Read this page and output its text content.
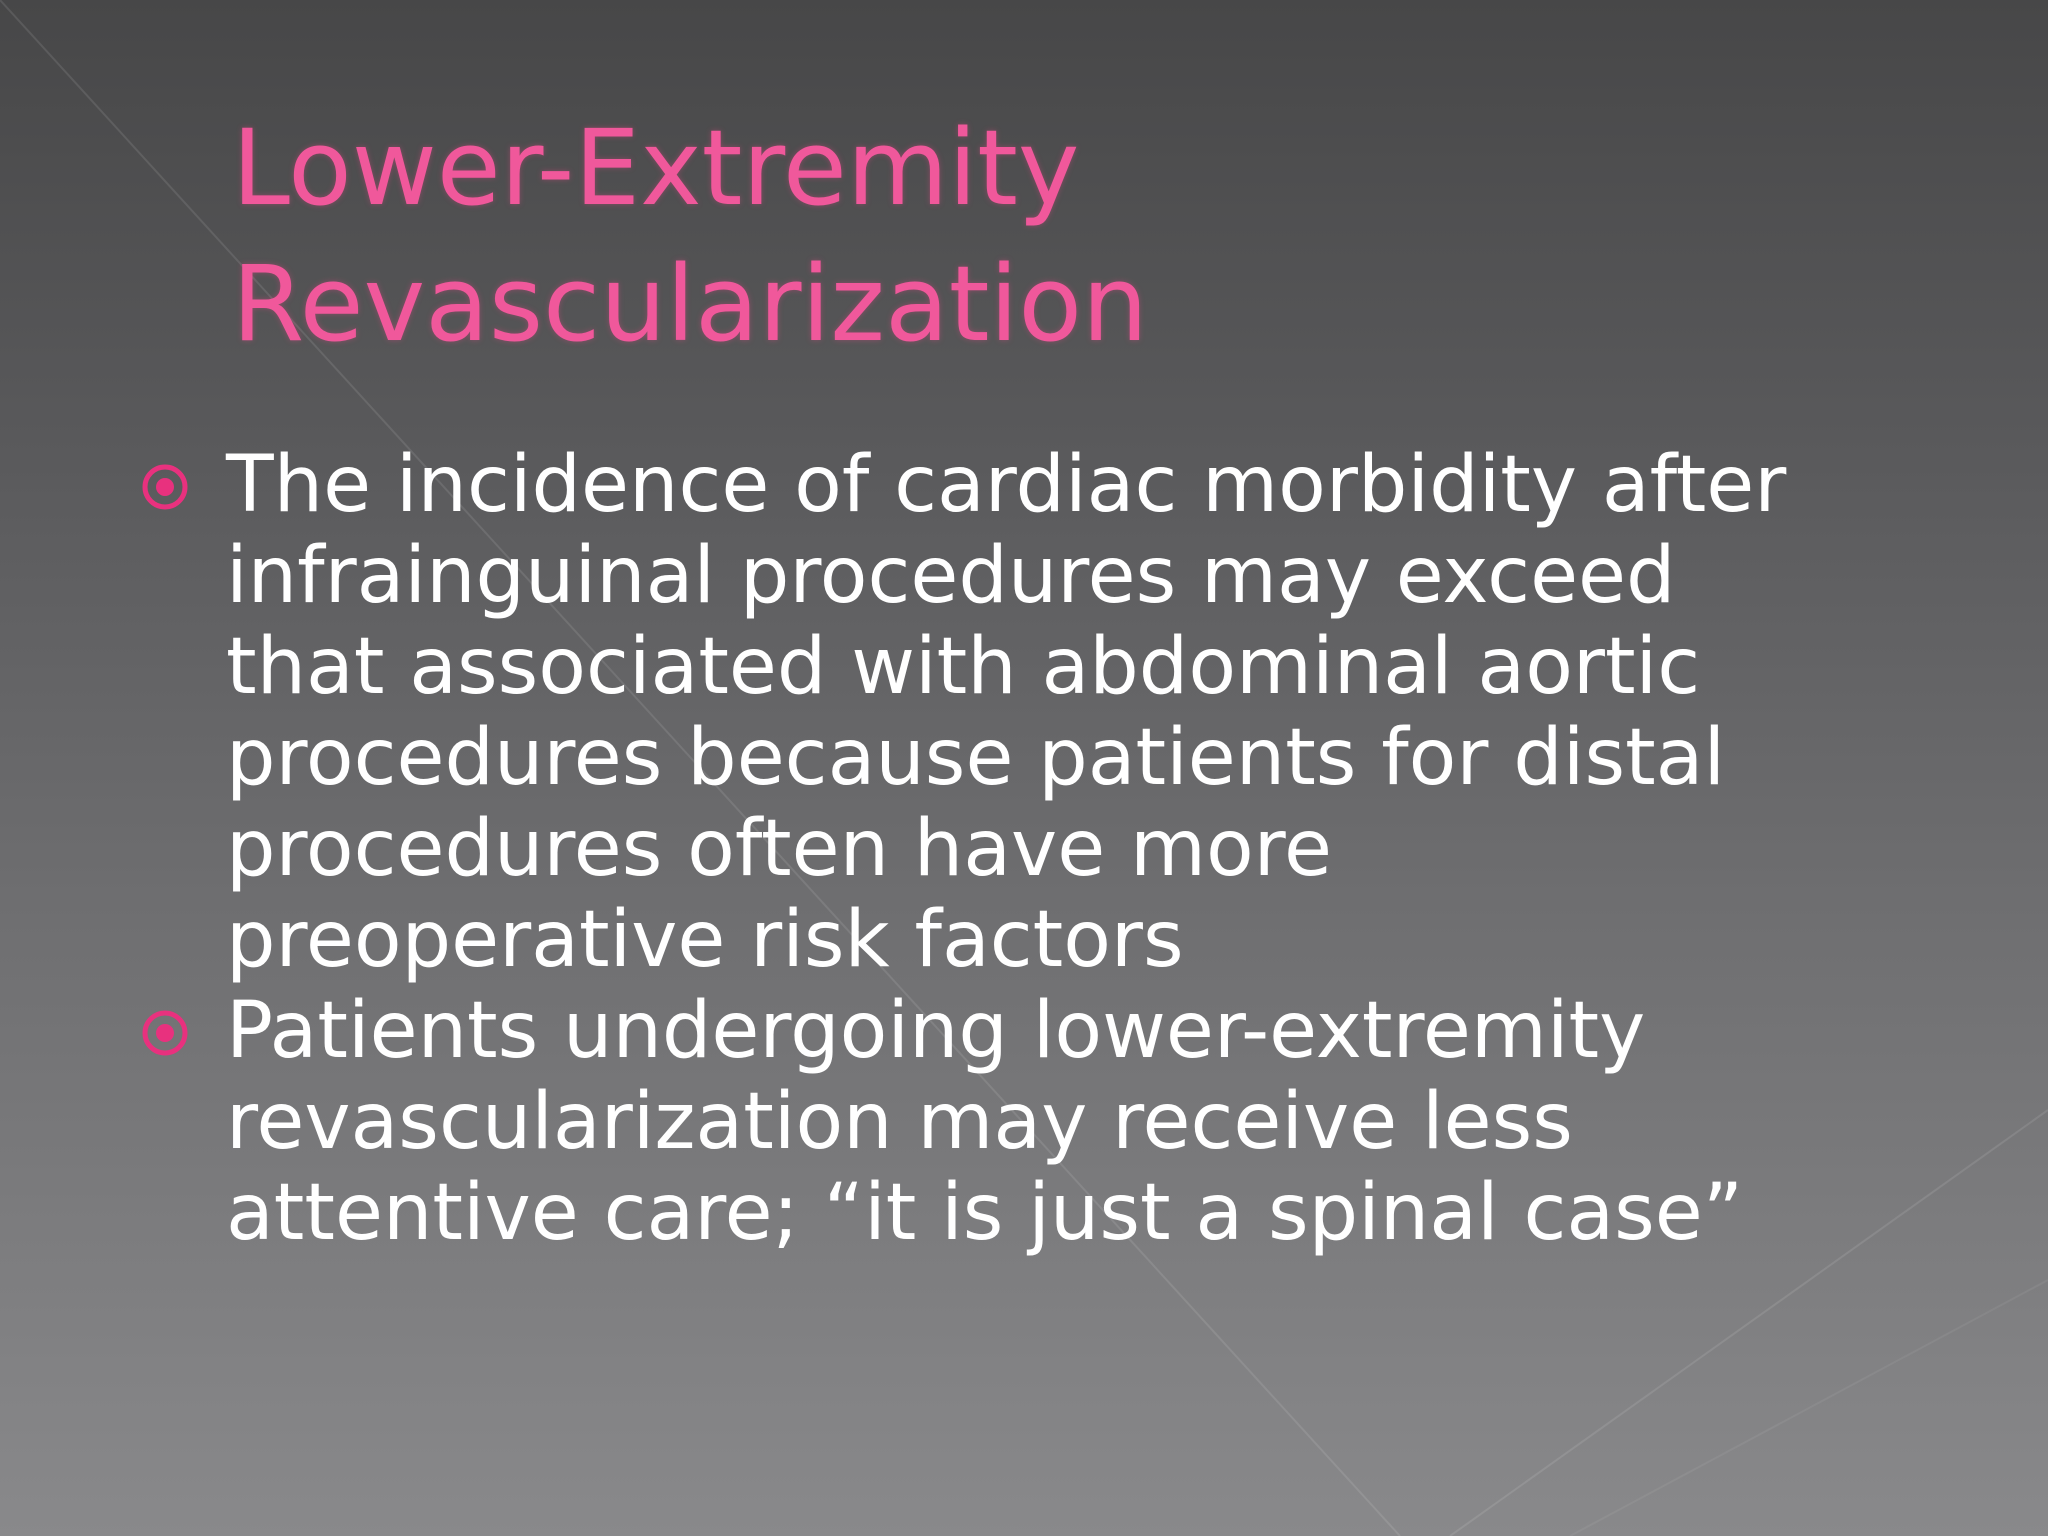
Lower-Extremity
Revascularization
The incidence of cardiac morbidity after
infrainguinal procedures may exceed
that associated with abdominal aortic
procedures because patients for distal
procedures often have more
preoperative risk factors
Patients undergoing lower-extremity
revascularization may receive less
attentive care; “it is just a spinal case”
